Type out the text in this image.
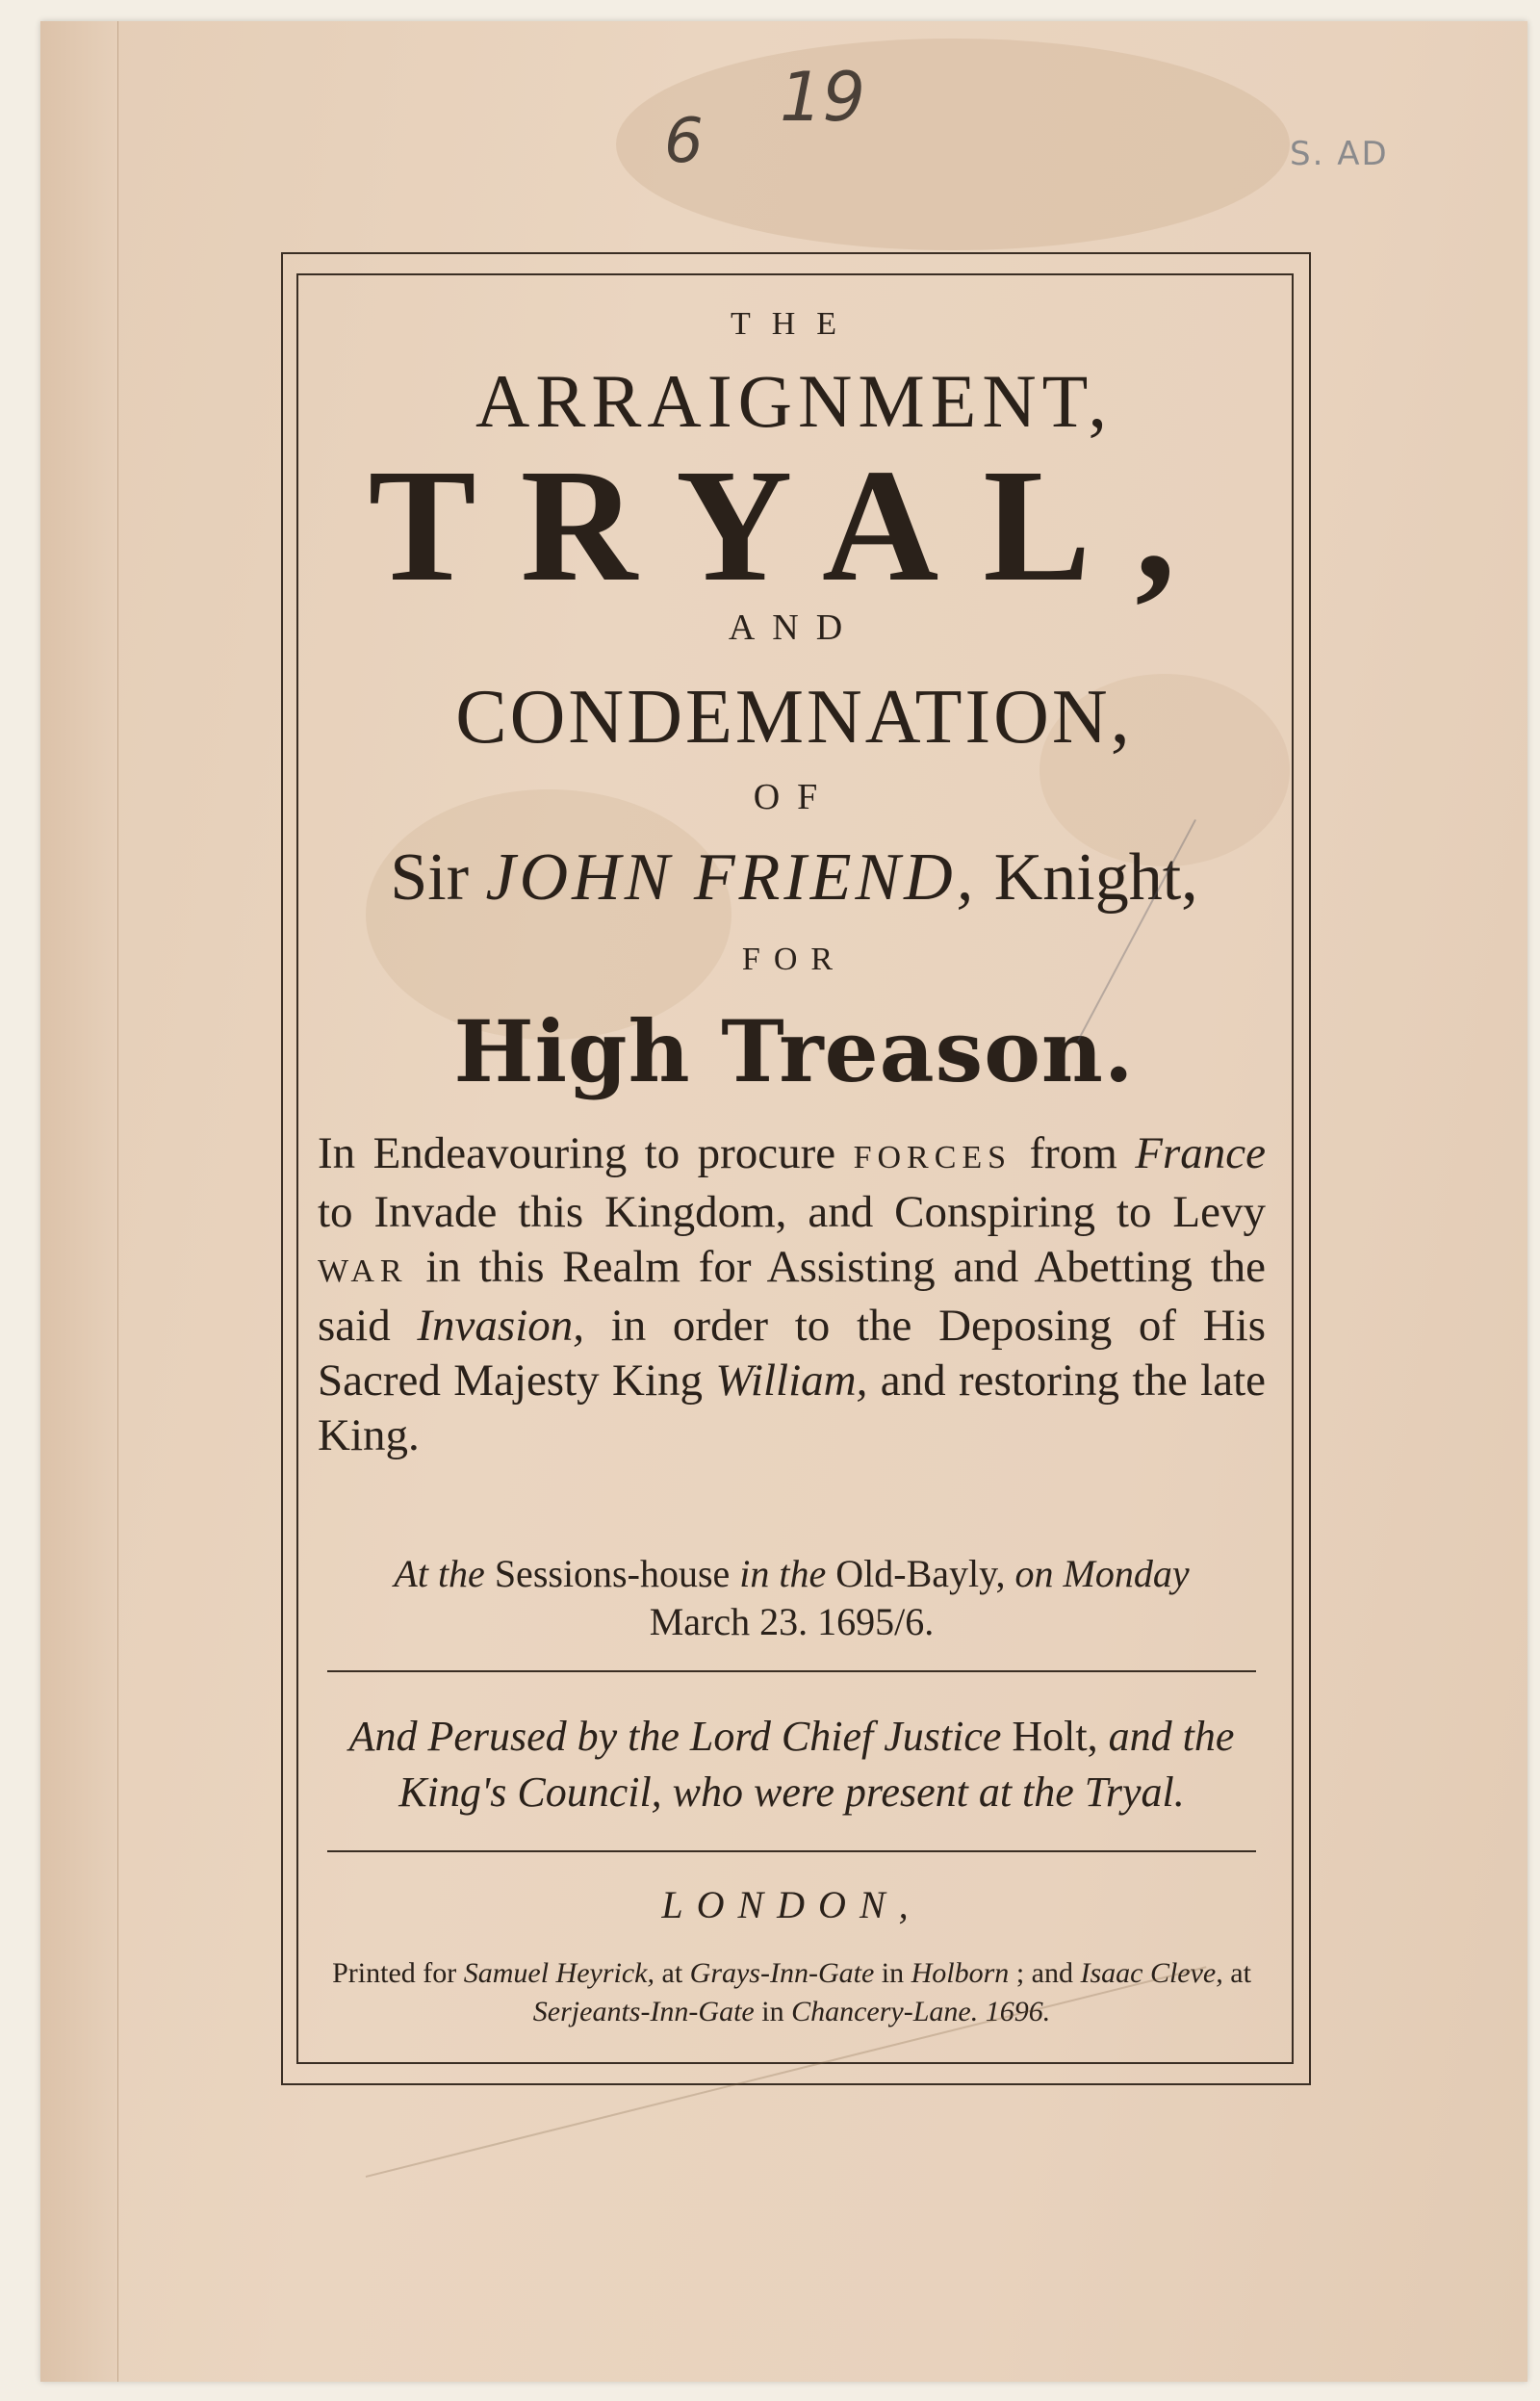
6
19
S. AD
THE
ARRAIGNMENT,
TRYAL,
AND
CONDEMNATION,
OF
Sir JOHN FRIEND, Knight,
FOR
High Treason.
In Endeavouring to procure FORCES from France to Invade this Kingdom, and Conspiring to Levy WAR in this Realm for Assisting and Abetting the said Invasion, in order to the Deposing of His Sacred Majesty King William, and restoring the late King.
At the Sessions-house in the Old-Bayly, on Monday
March 23. 1695/6.
And Perused by the Lord Chief Justice Holt, and the King's Council, who were present at the Tryal.
LONDON,
Printed for Samuel Heyrick, at Grays-Inn-Gate in Holborn ; and Isaac Cleve, at Serjeants-Inn-Gate in Chancery-Lane. 1696.
